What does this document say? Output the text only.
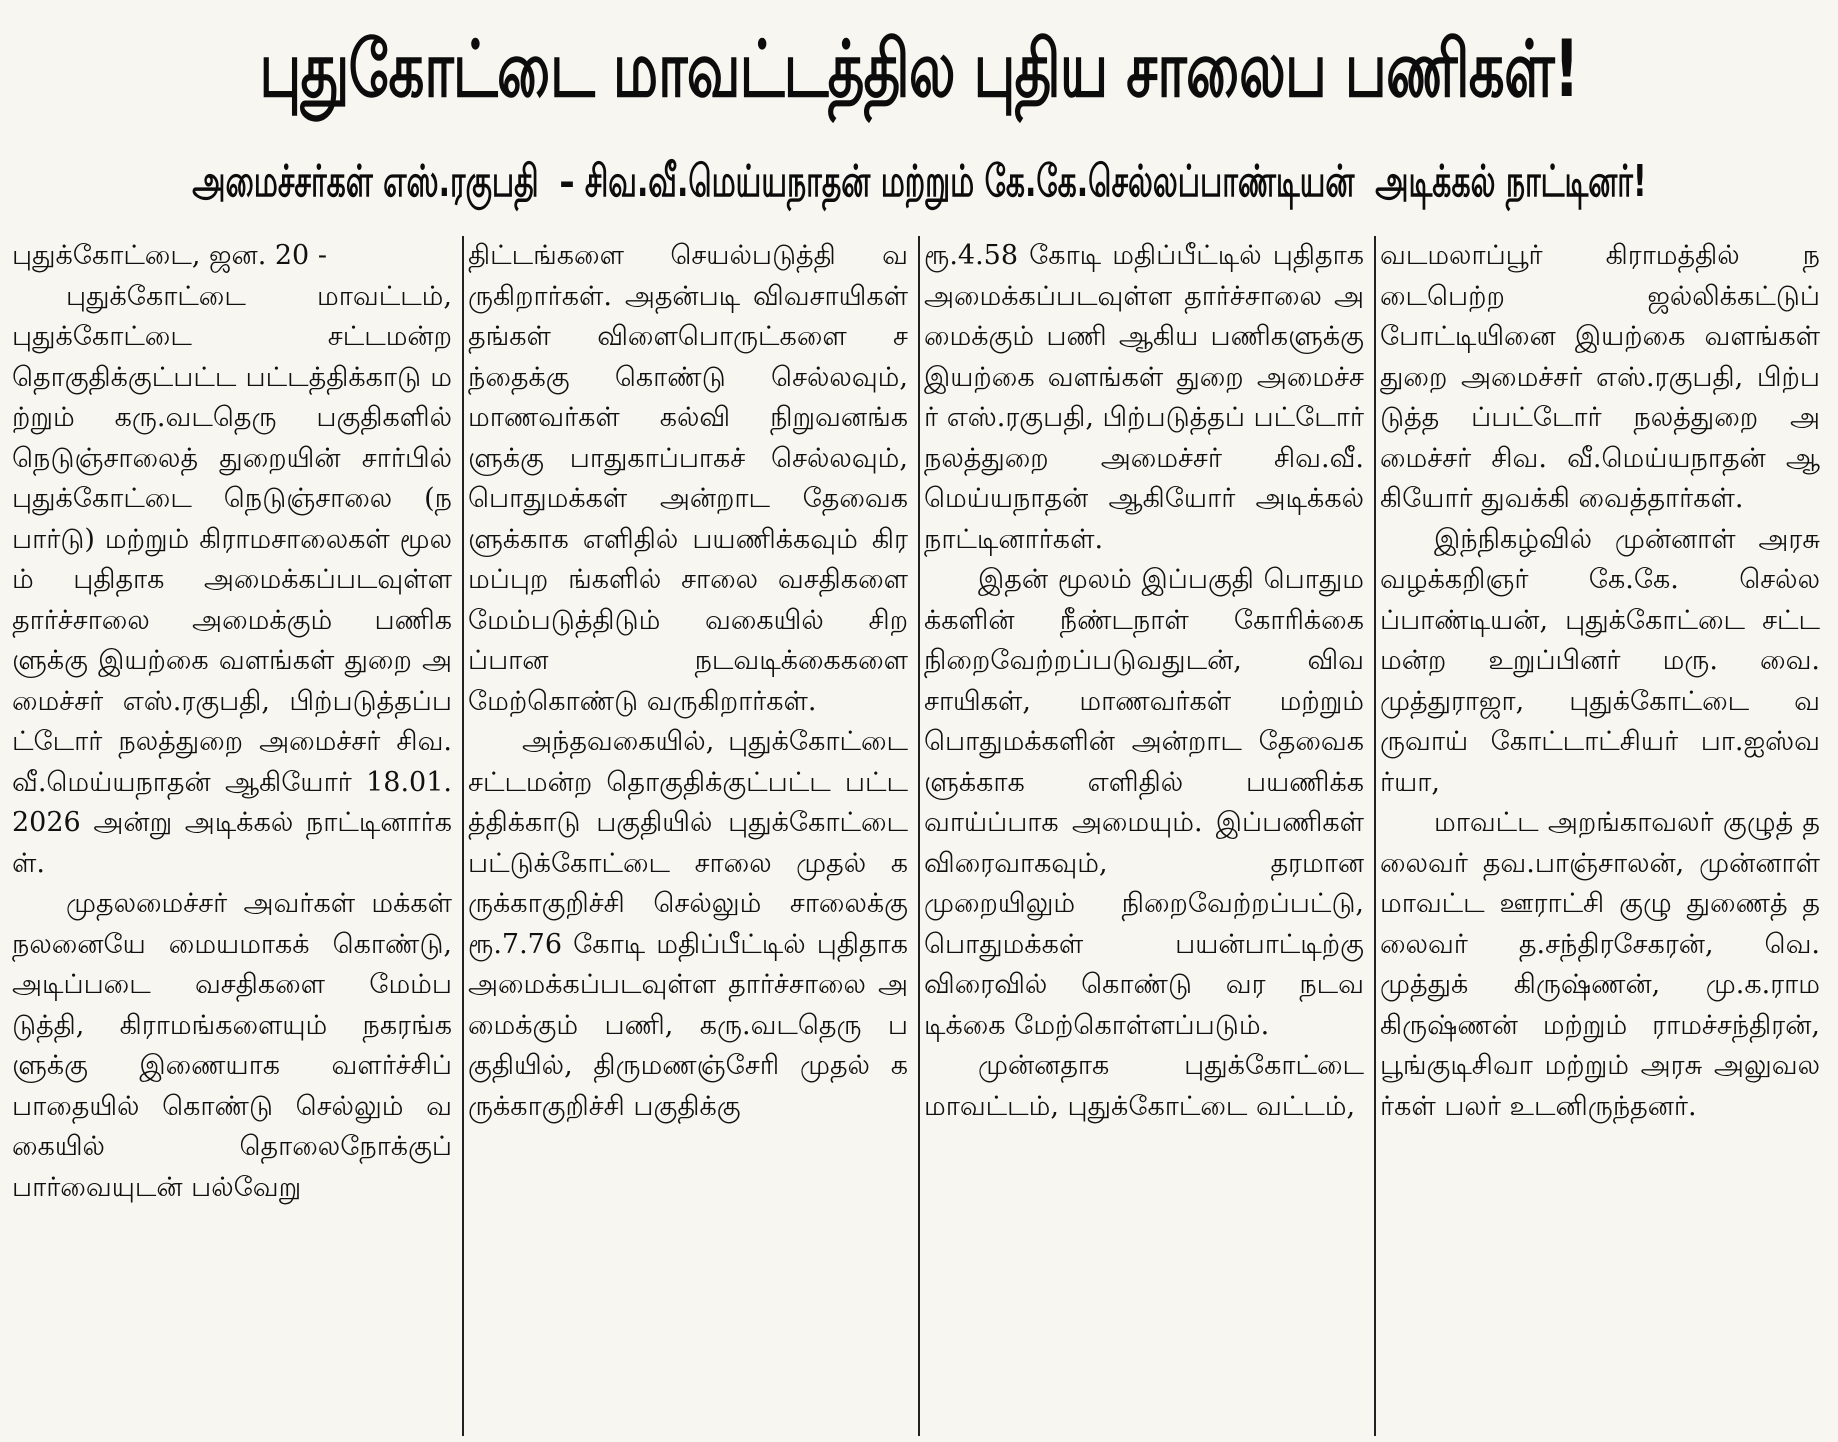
புதுகோட்டை மாவட்டத்தில புதிய சாலைப பணிகள்!
அமைச்சர்கள் எஸ்.ரகுபதி  – சிவ.வீ.மெய்யநாதன் மற்றும் கே.கே.செல்லப்பாண்டியன்  அடிக்கல் நாட்டினர்!

புதுக்கோட்டை, ஜன. 20 -

புதுக்கோட்டை மாவட்டம், புதுக்கோட்டை சட்டமன்ற தொகுதிக்குட்பட்ட பட்டத்திக்காடு மற்றும் கரு.வடதெரு பகுதிகளில் நெடுஞ்சாலைத் துறையின் சார்பில் புதுக்கோட்டை நெடுஞ்சாலை (நபார்டு) மற்றும் கிராமசாலைகள் மூலம் புதிதாக அமைக்கப்படவுள்ள தார்ச்சாலை அமைக்கும் பணிகளுக்கு இயற்கை வளங்கள் துறை அமைச்சர் எஸ்.ரகுபதி, பிற்படுத்தப்பட்டோர் நலத்துறை அமைச்சர் சிவ. வீ.மெய்யநாதன் ஆகியோர் 18.01.2026 அன்று அடிக்கல் நாட்டினார்கள்.

முதலமைச்சர் அவர்கள் மக்கள் நலனையே மையமாகக் கொண்டு, அடிப்படை வசதிகளை மேம்படுத்தி, கிராமங்களையும் நகரங்களுக்கு இணையாக வளர்ச்சிப் பாதையில் கொண்டு செல்லும் வகையில் தொலைநோக்குப் பார்வையுடன் பல்வேறு

திட்டங்களை செயல்படுத்தி வருகிறார்கள். அதன்படி விவசாயிகள் தங்கள் விளைபொருட்களை சந்தைக்கு கொண்டு செல்லவும், மாணவர்கள் கல்வி நிறுவனங்களுக்கு பாதுகாப்பாகச் செல்லவும், பொதுமக்கள் அன்றாட தேவைகளுக்காக எளிதில் பயணிக்கவும் கிரமப்புற ங்களில் சாலை வசதிகளை மேம்படுத்திடும் வகையில் சிறப்பான நடவடிக்கைகளை மேற்கொண்டு வருகிறார்கள்.

அந்தவகையில், புதுக்கோட்டை சட்டமன்ற தொகுதிக்குட்பட்ட பட்டத்திக்காடு பகுதியில் புதுக்கோட்டை பட்டுக்கோட்டை சாலை முதல் கருக்காகுறிச்சி செல்லும் சாலைக்கு ரூ.7.76 கோடி மதிப்பீட்டில் புதிதாக அமைக்கப்படவுள்ள தார்ச்சாலை அமைக்கும் பணி, கரு.வடதெரு பகுதியில், திருமணஞ்சேரி முதல் கருக்காகுறிச்சி பகுதிக்கு

ரூ.4.58 கோடி மதிப்பீட்டில் புதிதாக அமைக்கப்படவுள்ள தார்ச்சாலை அமைக்கும் பணி ஆகிய பணிகளுக்கு இயற்கை வளங்கள் துறை அமைச்சர் எஸ்.ரகுபதி, பிற்படுத்தப் பட்டோர் நலத்துறை அமைச்சர் சிவ.வீ.மெய்யநாதன் ஆகியோர் அடிக்கல் நாட்டினார்கள்.

இதன் மூலம் இப்பகுதி பொதுமக்களின் நீண்டநாள் கோரிக்கை நிறைவேற்றப்படுவதுடன், விவசாயிகள், மாணவர்கள் மற்றும் பொதுமக்களின் அன்றாட தேவைகளுக்காக எளிதில் பயணிக்க வாய்ப்பாக அமையும். இப்பணிகள் விரைவாகவும், தரமான முறையிலும் நிறைவேற்றப்பட்டு, பொதுமக்கள் பயன்பாட்டிற்கு விரைவில் கொண்டு வர நடவடிக்கை மேற்கொள்ளப்படும்.

முன்னதாக புதுக்கோட்டை மாவட்டம், புதுக்கோட்டை வட்டம்,

வடமலாப்பூர் கிராமத்தில் நடைபெற்ற ஜல்லிக்கட்டுப் போட்டியினை இயற்கை வளங்கள் துறை அமைச்சர் எஸ்.ரகுபதி, பிற்படுத்த ப்பட்டோர் நலத்துறை அமைச்சர் சிவ. வீ.மெய்யநாதன் ஆகியோர் துவக்கி வைத்தார்கள்.

இந்நிகழ்வில் முன்னாள் அரசு வழக்கறிஞர் கே.கே. செல்லப்பாண்டியன், புதுக்கோட்டை சட்டமன்ற உறுப்பினர் மரு. வை.முத்துராஜா, புதுக்கோட்டை வருவாய் கோட்டாட்சியர் பா.ஐஸ்வர்யா,

மாவட்ட அறங்காவலர் குழுத் தலைவர் தவ.பாஞ்சாலன், முன்னாள் மாவட்ட ஊராட்சி குழு துணைத் தலைவர் த.சந்திரசேகரன், வெ.முத்துக் கிருஷ்ணன், மு.க.ராமகிருஷ்ணன் மற்றும் ராமச்சந்திரன், பூங்குடிசிவா மற்றும் அரசு அலுவலர்கள் பலர் உடனிருந்தனர்.
